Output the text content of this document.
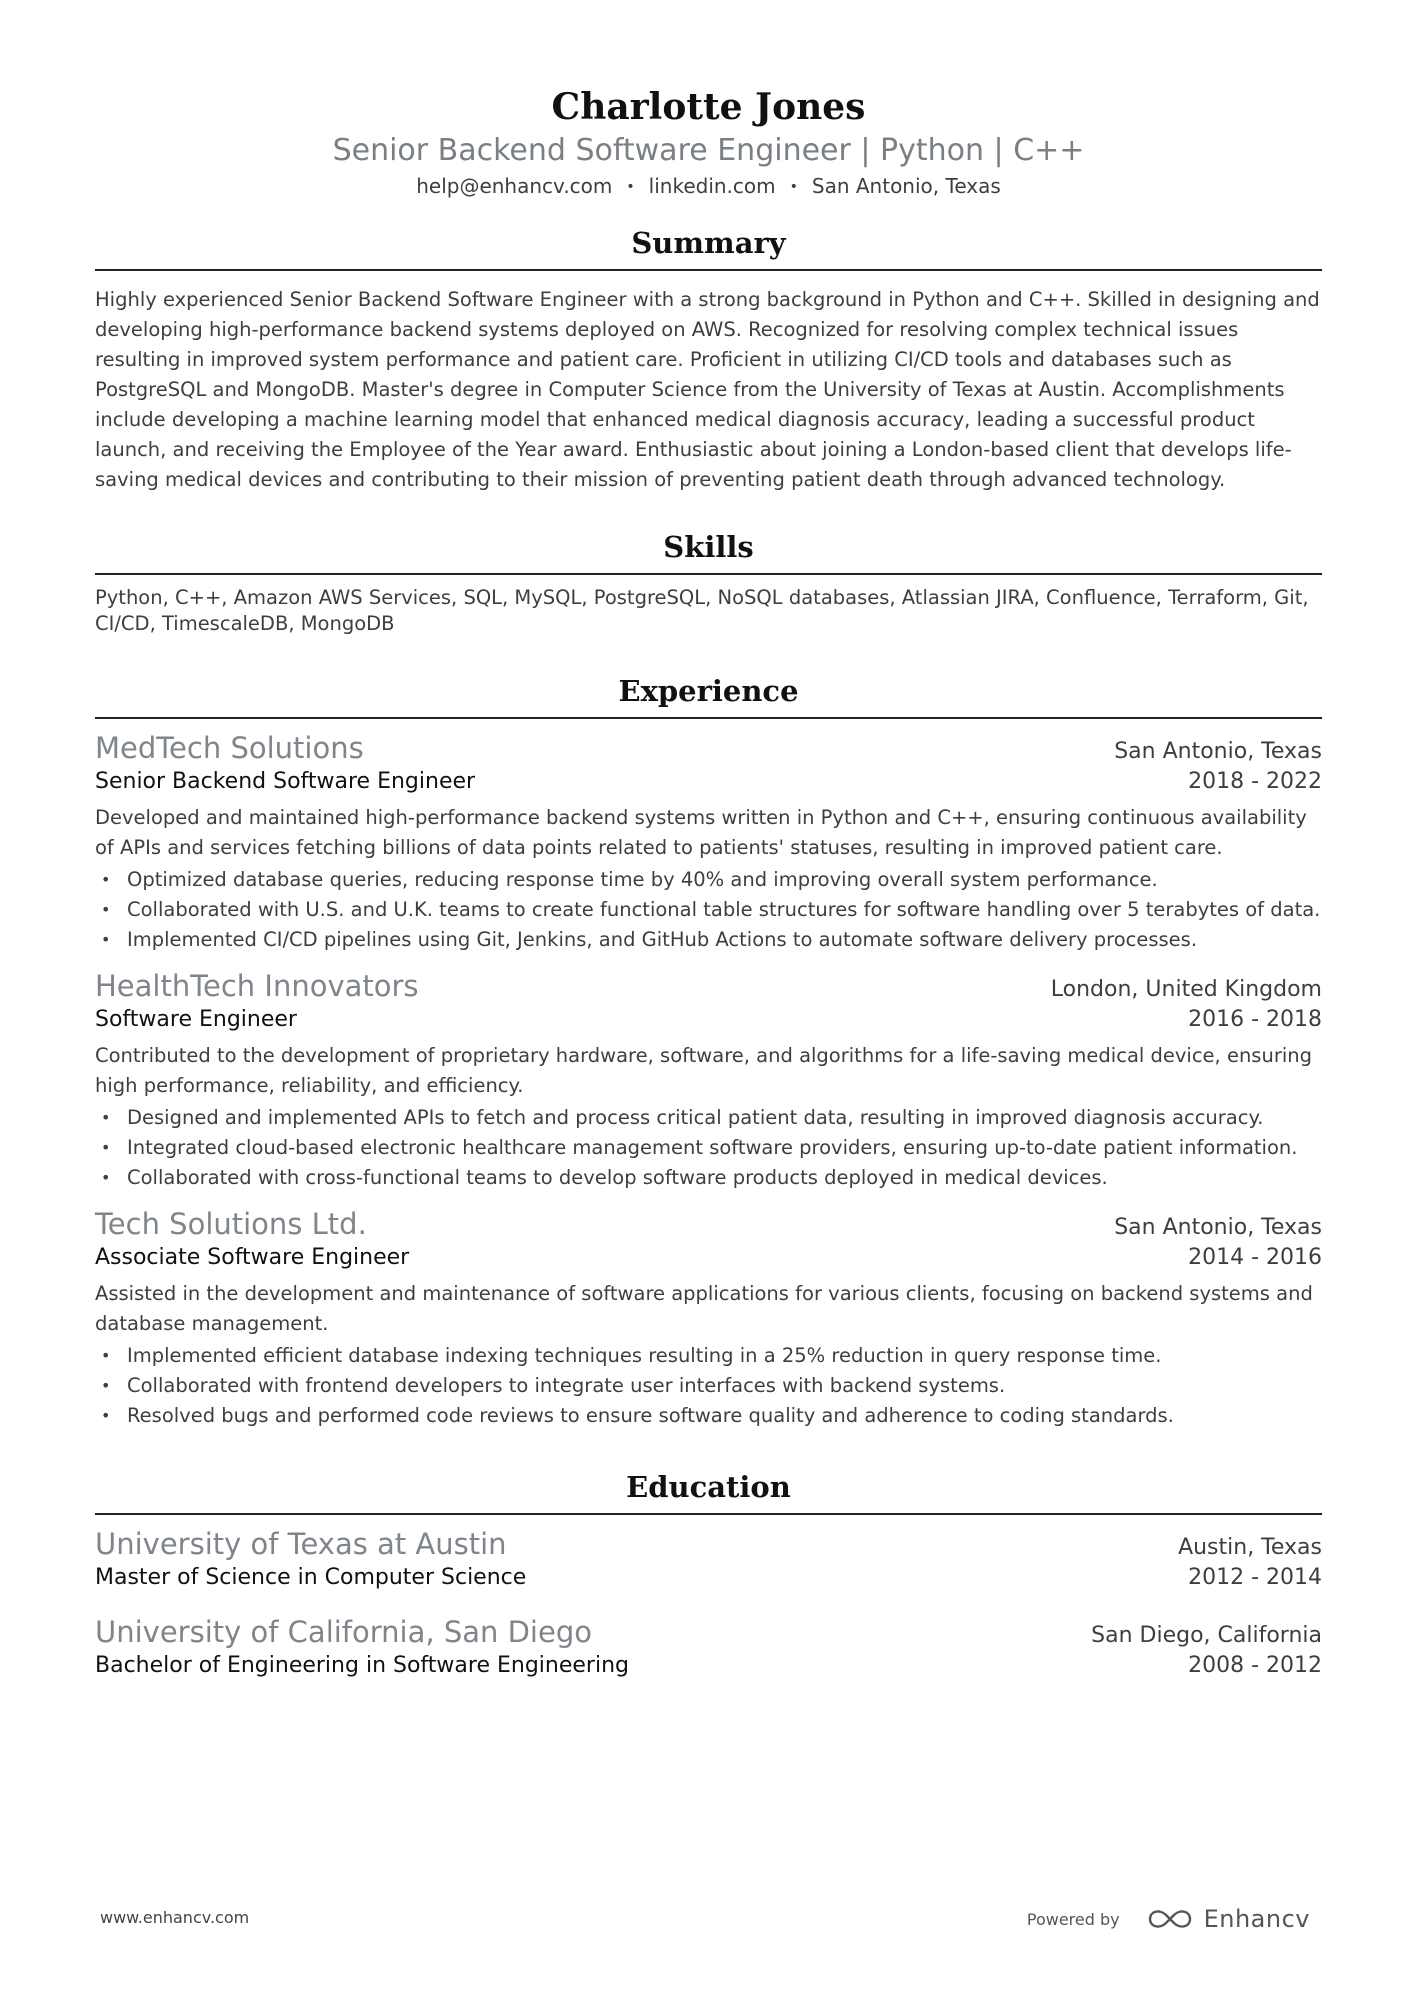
Charlotte Jones
Senior Backend Software Engineer | Python | C++
help@enhancv.com • linkedin.com • San Antonio, Texas
Summary

Highly experienced Senior Backend Software Engineer with a strong background in Python and C++. Skilled in designing and developing high-performance backend systems deployed on AWS. Recognized for resolving complex technical issues resulting in improved system performance and patient care. Proficient in utilizing CI/CD tools and databases such as PostgreSQL and MongoDB. Master's degree in Computer Science from the University of Texas at Austin. Accomplishments include developing a machine learning model that enhanced medical diagnosis accuracy, leading a successful product launch, and receiving the Employee of the Year award. Enthusiastic about joining a London-based client that develops life-saving medical devices and contributing to their mission of preventing patient death through advanced technology.

Skills

Python, C++, Amazon AWS Services, SQL, MySQL, PostgreSQL, NoSQL databases, Atlassian JIRA, Confluence, Terraform, Git, CI/CD, TimescaleDB, MongoDB

Experience
MedTech Solutions	San Antonio, Texas
Senior Backend Software Engineer	2018 - 2022

Developed and maintained high-performance backend systems written in Python and C++, ensuring continuous availability of APIs and services fetching billions of data points related to patients' statuses, resulting in improved patient care.

• Optimized database queries, reducing response time by 40% and improving overall system performance.
• Collaborated with U.S. and U.K. teams to create functional table structures for software handling over 5 terabytes of data.
• Implemented CI/CD pipelines using Git, Jenkins, and GitHub Actions to automate software delivery processes.
HealthTech Innovators	London, United Kingdom
Software Engineer	2016 - 2018

Contributed to the development of proprietary hardware, software, and algorithms for a life-saving medical device, ensuring high performance, reliability, and efficiency.

• Designed and implemented APIs to fetch and process critical patient data, resulting in improved diagnosis accuracy.
• Integrated cloud-based electronic healthcare management software providers, ensuring up-to-date patient information.
• Collaborated with cross-functional teams to develop software products deployed in medical devices.
Tech Solutions Ltd.	San Antonio, Texas
Associate Software Engineer	2014 - 2016

Assisted in the development and maintenance of software applications for various clients, focusing on backend systems and database management.

• Implemented efficient database indexing techniques resulting in a 25% reduction in query response time.
• Collaborated with frontend developers to integrate user interfaces with backend systems.
• Resolved bugs and performed code reviews to ensure software quality and adherence to coding standards.
Education
University of Texas at Austin	Austin, Texas
Master of Science in Computer Science	2012 - 2014
University of California, San Diego	San Diego, California
Bachelor of Engineering in Software Engineering	2008 - 2012
www.enhancv.com	Powered by	Enhancv
